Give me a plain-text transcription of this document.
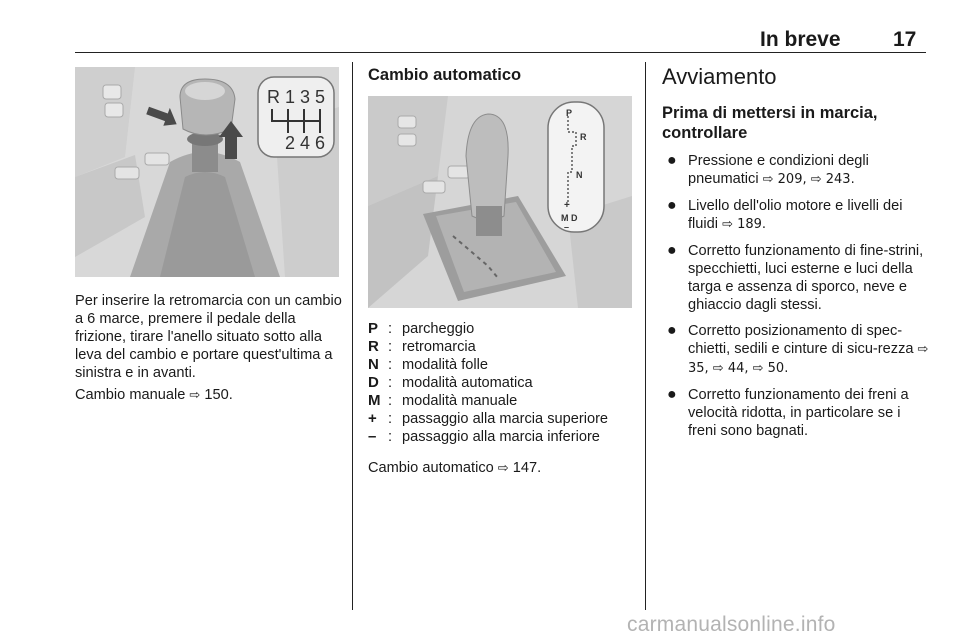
In breve 17
R 1 3 5
2 4 6

Per inserire la retromarcia con un cambio a 6 marce, premere il pedale della frizione, tirare l'anello situato sotto alla leva del cambio e portare quest'ultima a sinistra e in avanti.

Cambio manuale ⇨ 150.

Cambio automatico
P
R
N
+
M D
–
P : parcheggio
R : retromarcia
N : modalità folle
D : modalità automatica
M : modalità manuale
+ : passaggio alla marcia superiore
– : passaggio alla marcia inferiore

Cambio automatico ⇨ 147.

Avviamento
Prima di mettersi in marcia, controllare
● Pressione e condizioni degli pneumatici ⇨ 209, ⇨ 243.
● Livello dell'olio motore e livelli dei fluidi ⇨ 189.
● Corretto funzionamento di fine-strini, specchietti, luci esterne e luci della targa e assenza di sporco, neve e ghiaccio dagli stessi.
● Corretto posizionamento di spec-chietti, sedili e cinture di sicu-rezza ⇨ 35, ⇨ 44, ⇨ 50.
● Corretto funzionamento dei freni a velocità ridotta, in particolare se i freni sono bagnati.
carmanualsonline.info
